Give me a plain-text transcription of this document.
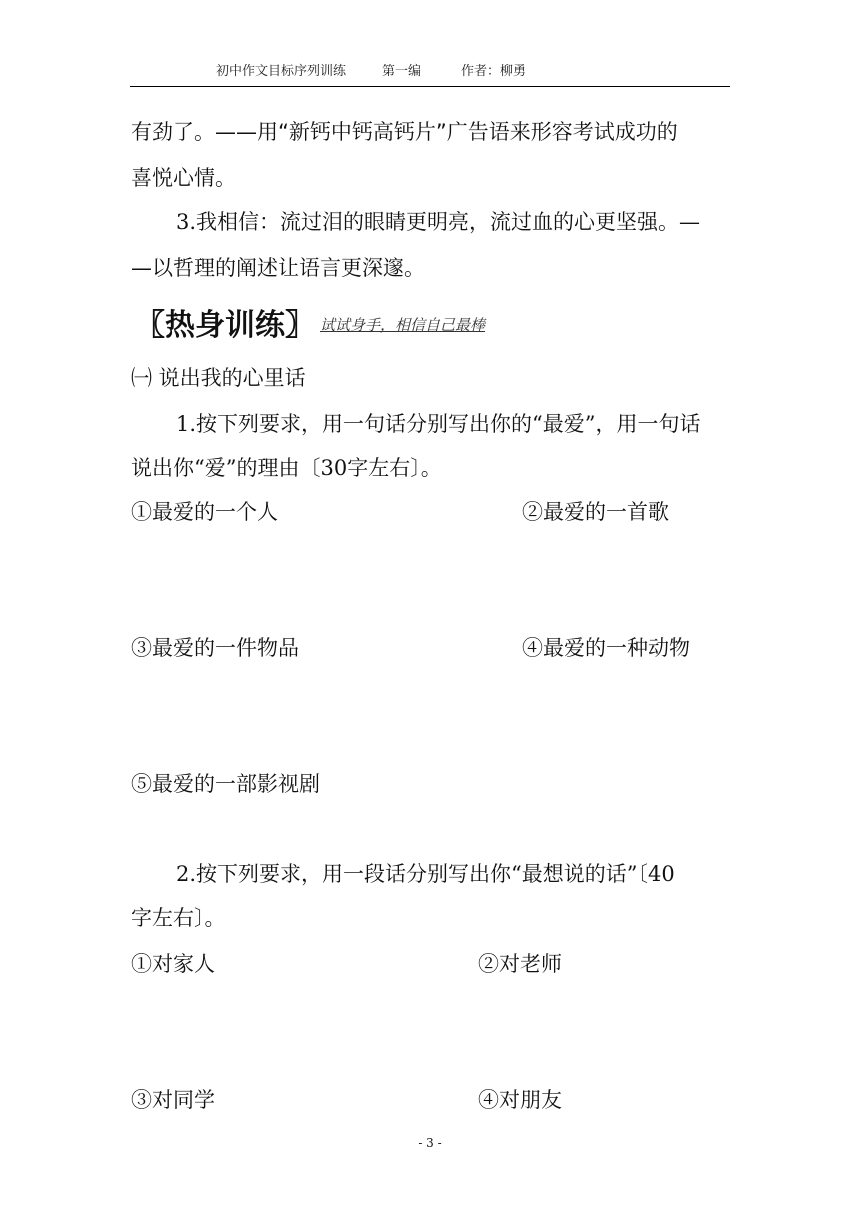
初中作文目标序列训练	第一编	作者：柳勇
有劲了。——用“新钙中钙高钙片”广告语来形容考试成功的
喜悦心情。
3.我相信：流过泪的眼睛更明亮，流过血的心更坚强。—
—以哲理的阐述让语言更深邃。
〖热身训练〗 试试身手，相信自己最棒
㈠ 说出我的心里话
1.按下列要求，用一句话分别写出你的“最爱”，用一句话
说出你“爱”的理由〔30字左右〕。
①最爱的一个人	②最爱的一首歌
③最爱的一件物品	④最爱的一种动物
⑤最爱的一部影视剧
2.按下列要求，用一段话分别写出你“最想说的话”〔40
字左右〕。
①对家人	②对老师
③对同学	④对朋友
- 3 -
